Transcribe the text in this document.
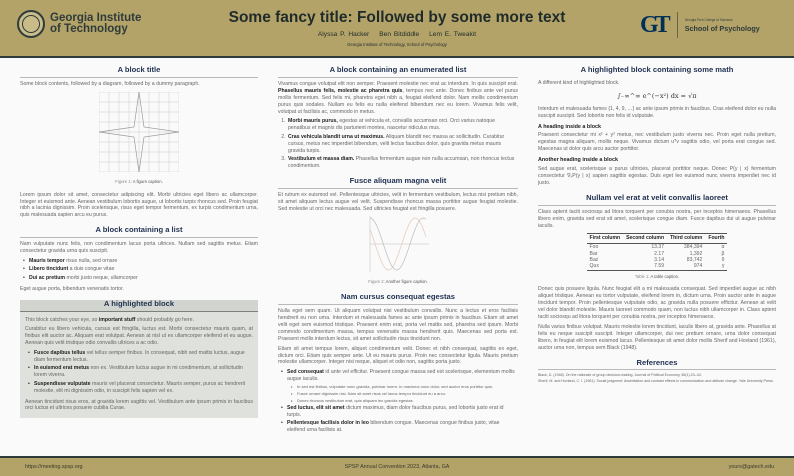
Georgia Institute
of Technology
Some fancy title: Followed by some more text
Alyssa P. Hacker Ben Bitdiddle Lem E. Tweakit
Georgia Institute of Technology, School of Psychology
GT	Georgia Tech College of Sciences
School of Psychology
A block title

Some block contents, followed by a diagram, followed by a dummy paragraph.

Figure 1: A figure caption.

Lorem ipsum dolor sit amet, consectetur adipiscing elit. Morbi ultricies eget libero ac ullamcorper. Integer et euismod ante. Aenean vestibulum lobortis augue, ut lobortis turpis rhoncus sed. Proin feugiat nibh a lacinia dignissim. Proin scelerisque, risus eget tempor fermentum, ex turpis condimentum urna, quis malesuada sapien arcu eu purus.

A block containing a list

Nam vulputate nunc felis, non condimentum lacus porta ultrices. Nullam sed sagittis metus. Etiam consectetur gravida urna quis suscipit.

• Mauris tempor risus nulla, sed ornare
• Libero tincidunt a duis congue vitae
• Dui ac pretium morbi justo neque, ullamcorper

Eget augue porta, bibendum venenatis tortor.

A highlighted block

This block catches your eye, so important stuff should probably go here.

Curabitur eu libero vehicula, cursus est fringilla, luctus est. Morbi consectetur mauris quam, at finibus elit auctor ac. Aliquam erat volutpat. Aenean at nisl ut ex ullamcorper eleifend et eu augue. Aenean quis velit tristique odio convallis ultrices a ac odio.

• Fusce dapibus tellus vel tellus semper finibus. In consequat, nibh sed mattis luctus, augue diam fermentum lectus.
• In euismod erat metus non ex. Vestibulum luctus augue in mi condimentum, at sollicitudin lorem viverra.
• Suspendisse vulputate mauris vel placerat consectetur. Mauris semper, purus ac hendrerit molestie, elit mi dignissim odio, in suscipit felis sapien vel ex.

Aenean tincidunt risus eros, at gravida lorem sagittis vel. Vestibulum ante ipsum primis in faucibus orci luctus et ultrices posuere cubilia Curae.

A block containing an enumerated list

Vivamus congue volutpat elit non semper. Praesent molestie nec erat ac interdum. In quis suscipit erat. Phasellus mauris felis, molestie ac pharetra quis, tempus nec ante. Donec finibus ante vel purus mollis fermentum. Sed felis mi, pharetra eget nibh a, feugiat eleifend dolor. Nam mollis condimentum purus quis sodales. Nullam eu felis eu nulla eleifend bibendum nec eu lorem. Vivamus felis velit, volutpat ut facilisis ac, commodo in metus.

1. Morbi mauris purus, egestas at vehicula et, convallis accumsan orci. Orci varius natoque penatibus et magnis dis parturient montes, nascetur ridiculus mus.
2. Cras vehicula blandit urna ut maximus. Aliquam blandit nec massa ac sollicitudin. Curabitur cursus, metus nec imperdiet bibendum, velit lectus faucibus dolor, quis gravida metus mauris gravida turpis.
3. Vestibulum et massa diam. Phasellus fermentum augue non nulla accumsan, non rhoncus lectus condimentum.
Fusce aliquam magna velit

Et rutrum ex euismod vel. Pellentesque ultricies, velit in fermentum vestibulum, lectus nisi pretium nibh, sit amet aliquam lectus augue vel velit. Suspendisse rhoncus massa porttitor augue feugiat molestie. Sed molestie ut orci nec malesuada. Sed ultricies feugiat est fringilla posuere.

Figure 2: Another figure caption.
Nam cursus consequat egestas

Nulla eget sem quam. Ut aliquam volutpat nisi vestibulum convallis. Nunc a lectus et eros facilisis hendrerit eu non urna. Interdum et malesuada fames ac ante ipsum primis in faucibus. Etiam sit amet velit eget sem euismod tristique. Praesent enim erat, porta vel mattis sed, pharetra sed ipsum. Morbi commodo condimentum massa, tempus venenatis massa hendrerit quis. Maecenas sed porta est. Praesent mollis interdum lectus, sit amet sollicitudin risus tincidunt non.

Etiam sit amet tempus lorem, aliquet condimentum velit. Donec et nibh consequat, sagittis ex eget, dictum orci. Etiam quis semper ante. Ut eu mauris purus. Proin nec consectetur ligula. Mauris pretium molestie ullamcorper. Integer nisi neque, aliquet et odio non, sagittis porta justo.

• Sed consequat id ante vel efficitur. Praesent congue massa sed est scelerisque, elementum mollis augue iaculis.
• In sed est finibus, vulputate nunc gravida, pulvinar lorem. In maximus nunc dolor, sed auctor eros porttitor quis.
• Fusce ornare dignissim nisi. Nam sit amet risus vel lacus tempor tincidunt eu a arcu.
• Donec rhoncus vestibulum erat, quis aliquam leo gravida egestas.
• Sed luctus, elit sit amet dictum maximus, diam dolor faucibus purus, sed lobortis justo erat id turpis.
• Pellentesque facilisis dolor in leo bibendum congue. Maecenas congue finibus justo, vitae eleifend urna facilisis at.
A highlighted block containing some math

A different kind of highlighted block.

∫₋∞^∞ e^(−x²) dx = √π

Interdum et malesuada fames {1, 4, 9, …} ac ante ipsum primis in faucibus. Cras eleifend dolor eu nulla suscipit suscipit. Sed lobortis non felis id vulputate.

A heading inside a block

Praesent consectetur mi x² + y² metus, nec vestibulum justo viverra nec. Proin eget nulla pretium, egestas magna aliquam, mollis neque. Vivamus dictum uᵀv sagittis odio, vel porta erat congue sed. Maecenas ut dolor quis arcu auctor porttitor.

Another heading inside a block

Sed augue erat, scelerisque a purus ultricies, placerat porttitor neque. Donec P(y | x) fermentum consectetur ∇ₓP(y | x) sapien sagittis egestas. Duis eget leo euismod nunc viverra imperdiet nec id justo.

Nullam vel erat at velit convallis laoreet

Class aptent taciti sociosqu ad litora torquent per conubia nostra, per inceptos himenaeos. Phasellus libero enim, gravida sed erat sit amet, scelerisque congue diam. Fusce dapibus dui ut augue pulvinar iaculis.

First column	Second column	Third column	Fourth
Foo	13.37	384,394	α
Bar	2.17	1,392	β
Baz	3.14	83,742	δ
Qux	7.59	974	γ
Table 1: A table caption.

Donec quis posuere ligula. Nunc feugiat elit a mi malesuada consequat. Sed imperdiet augue ac nibh aliquet tristique. Aenean eu tortor vulputate, eleifend lorem in, dictum urna. Proin auctor ante in augue tincidunt tempor. Proin pellentesque vulputate odio, ac gravida nulla posuere efficitur. Aenean at velit vel dolor blandit molestie. Mauris laoreet commodo quam, non luctus nibh ullamcorper in. Class aptent taciti sociosqu ad litora torquent per conubia nostra, per inceptos himenaeos.

Nulla varius finibus volutpat. Mauris molestie lorem tincidunt, iaculis libero at, gravida ante. Phasellus at felis eu neque suscipit suscipit. Integer ullamcorper, dui nec pretium ornare, urna dolor consequat libero, in feugiat elit lorem euismod lacus. Pellentesque sit amet dolor mollis Sherif and Hovland (1961), auctor urna non, tempus sem Black (1948).

References
Black, D. (1948). On the rationale of group decision-making. Journal of Political Economy, 56(1):23–34.
Sherif, M. and Hovland, C. I. (1961). Social judgment: Assimilation and contrast effects in communication and attitude change. Yale University Press.
https://meeting.spsp.org	SPSP Annual Convention 2023, Atlanta, GA	yours@gatech.edu
